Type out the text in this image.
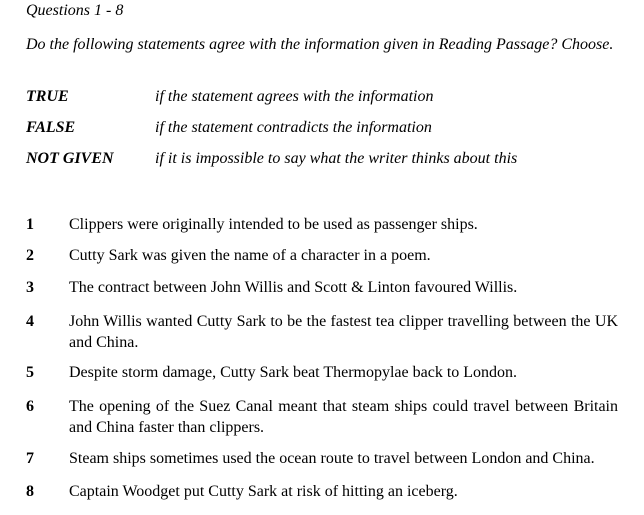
Questions 1 - 8
Do the following statements agree with the information given in Reading Passage? Choose.
TRUE	if the statement agrees with the information
FALSE	if the statement contradicts the information
NOT GIVEN	if it is impossible to say what the writer thinks about this
1	Clippers were originally intended to be used as passenger ships.
2	Cutty Sark was given the name of a character in a poem.
3	The contract between John Willis and Scott & Linton favoured Willis.
4	John Willis wanted Cutty Sark to be the fastest tea clipper travelling between the UK and China.
5	Despite storm damage, Cutty Sark beat Thermopylae back to London.
6	The opening of the Suez Canal meant that steam ships could travel between Britain and China faster than clippers.
7	Steam ships sometimes used the ocean route to travel between London and China.
8	Captain Woodget put Cutty Sark at risk of hitting an iceberg.
